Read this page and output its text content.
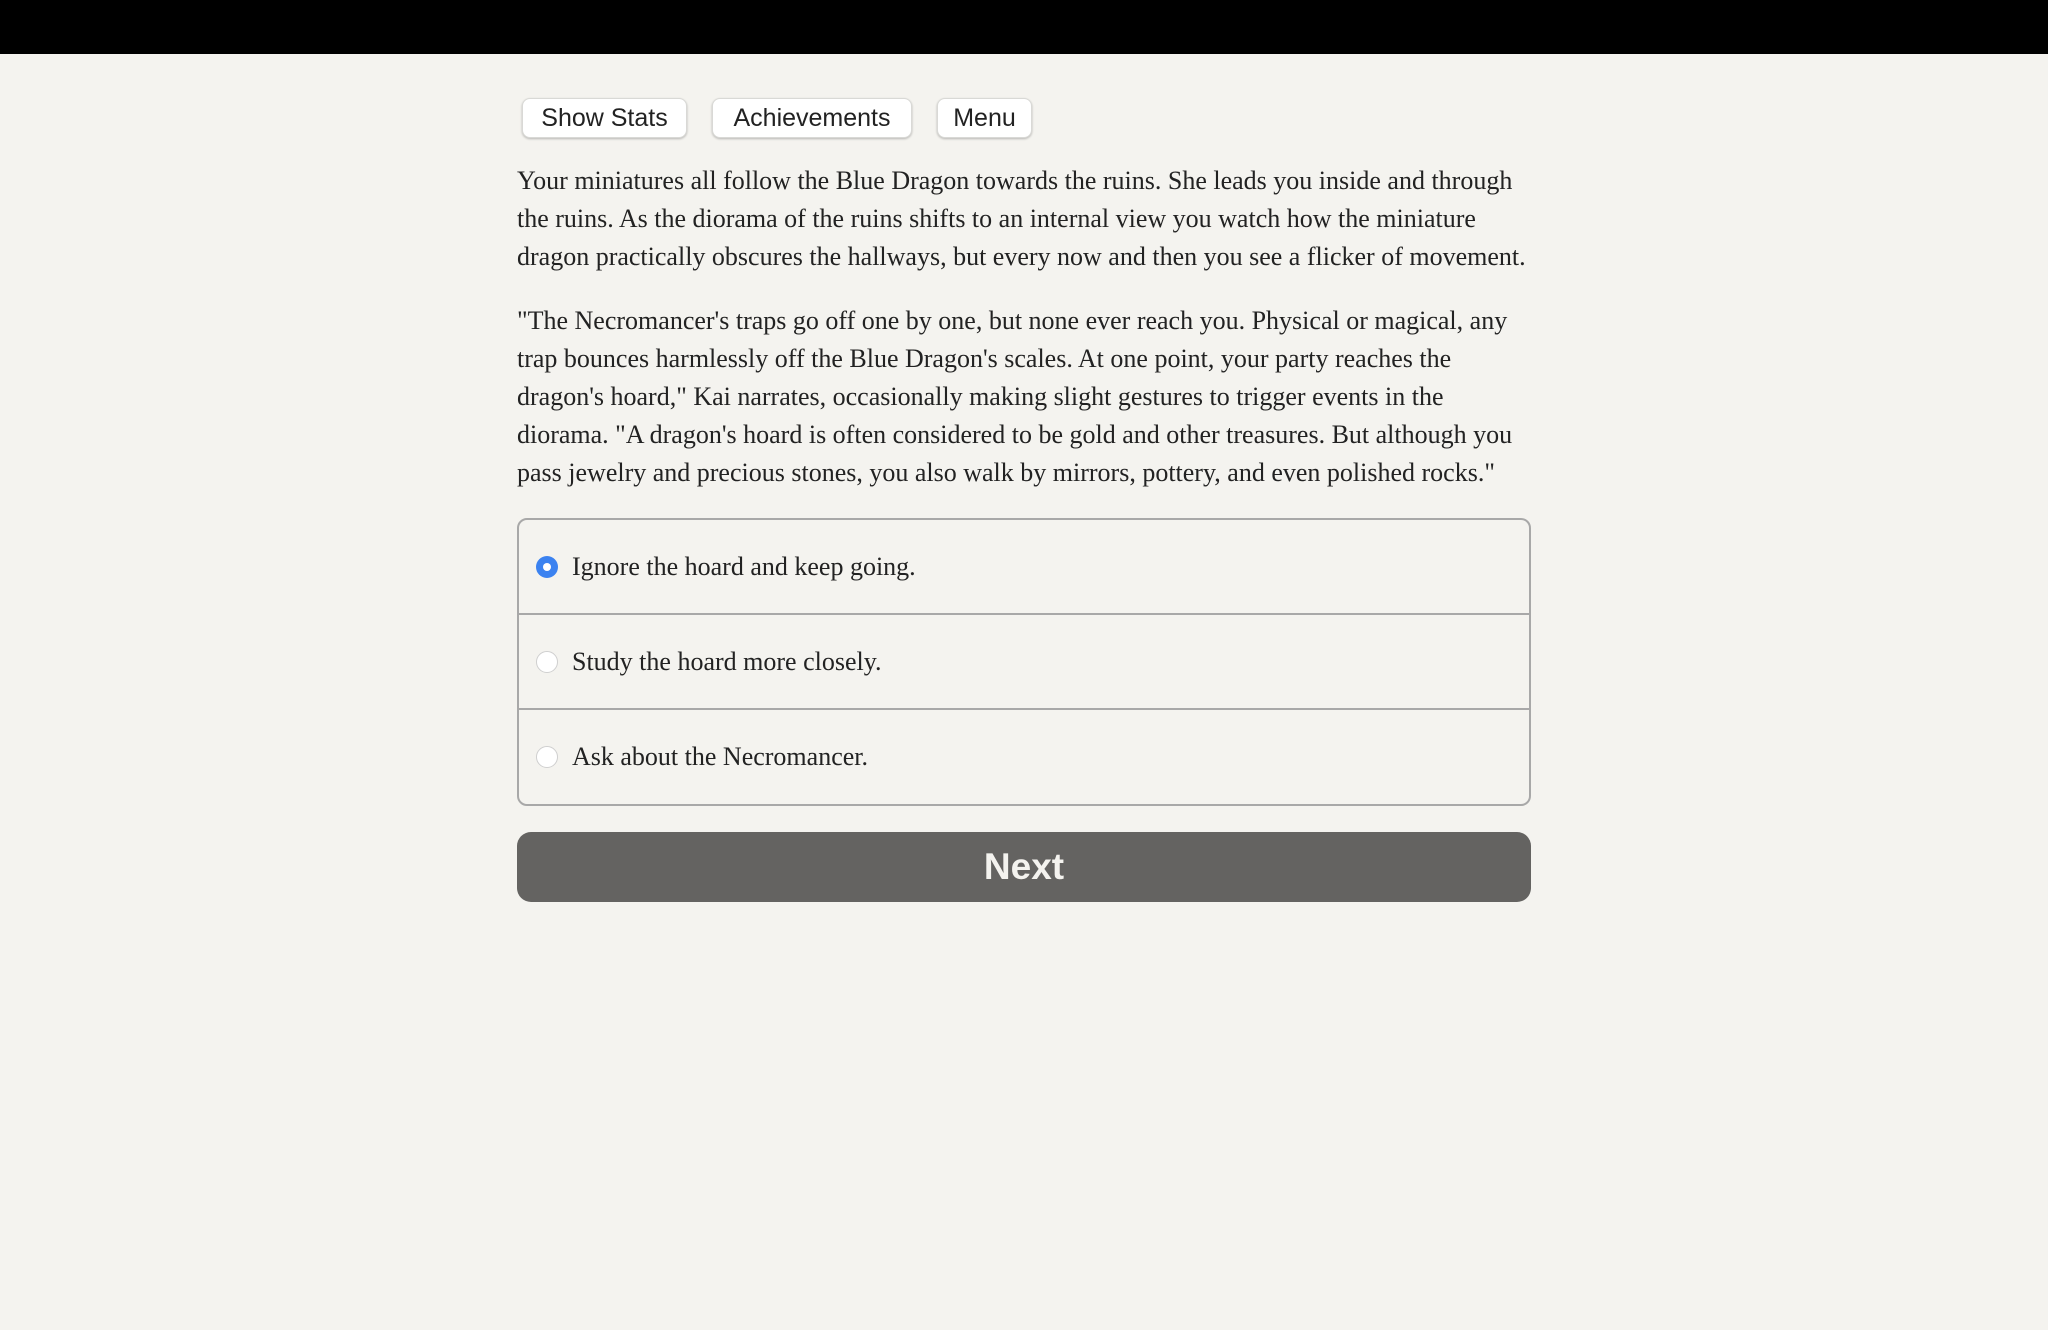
Show Stats	Achievements	Menu

Your miniatures all follow the Blue Dragon towards the ruins. She leads you inside and through the ruins. As the diorama of the ruins shifts to an internal view you watch how the miniature dragon practically obscures the hallways, but every now and then you see a flicker of movement.

"The Necromancer's traps go off one by one, but none ever reach you. Physical or magical, any trap bounces harmlessly off the Blue Dragon's scales. At one point, your party reaches the dragon's hoard," Kai narrates, occasionally making slight gestures to trigger events in the diorama. "A dragon's hoard is often considered to be gold and other treasures. But although you pass jewelry and precious stones, you also walk by mirrors, pottery, and even polished rocks."

Ignore the hoard and keep going.
Study the hoard more closely.
Ask about the Necromancer.
Next
